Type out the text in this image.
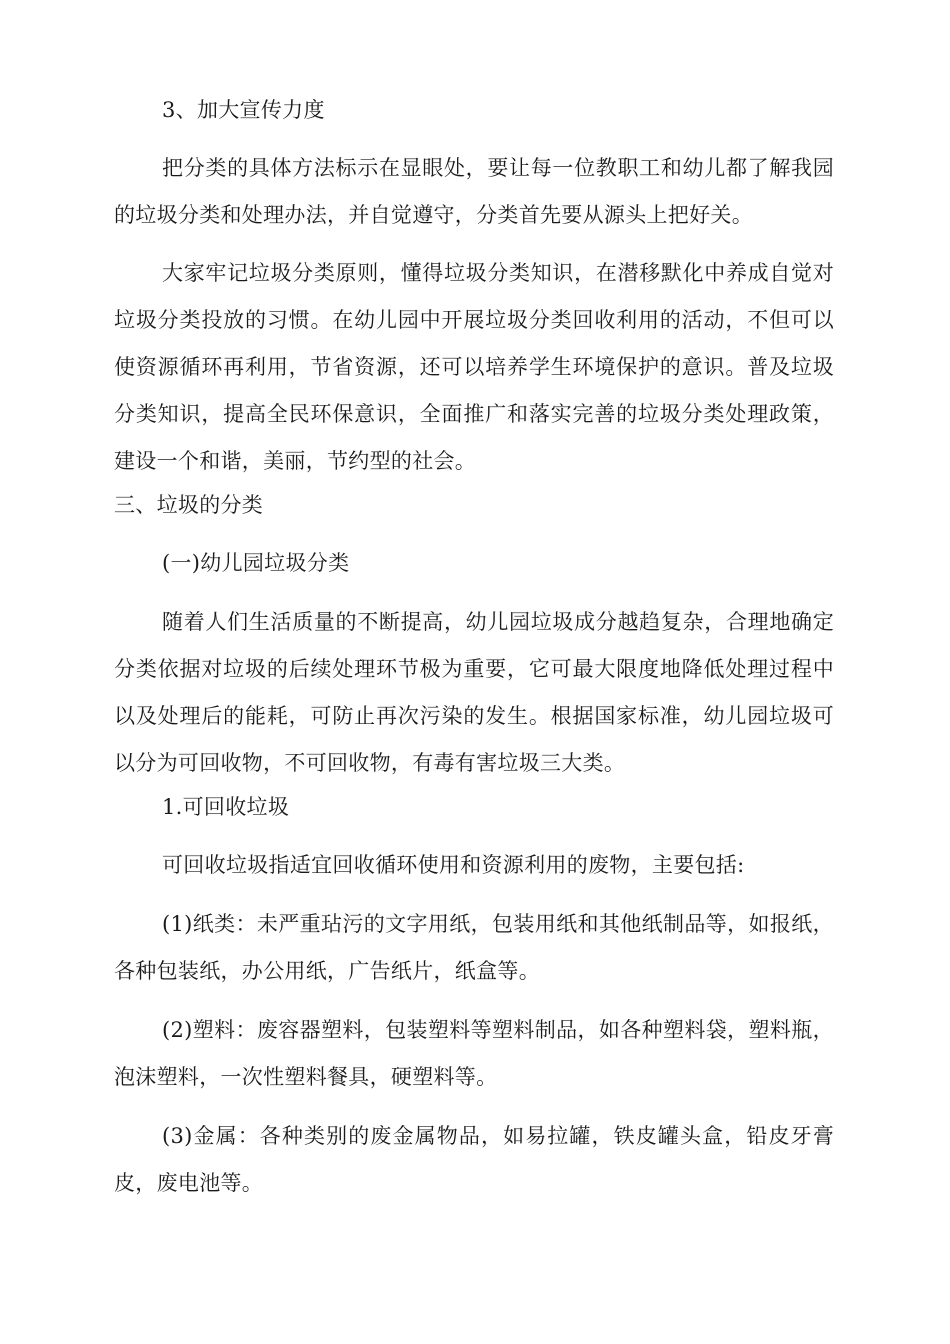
3、加大宣传力度

把分类的具体方法标示在显眼处，要让每一位教职工和幼儿都了解我园的垃圾分类和处理办法，并自觉遵守，分类首先要从源头上把好关。

大家牢记垃圾分类原则，懂得垃圾分类知识，在潜移默化中养成自觉对垃圾分类投放的习惯。在幼儿园中开展垃圾分类回收利用的活动，不但可以使资源循环再利用，节省资源，还可以培养学生环境保护的意识。普及垃圾分类知识，提高全民环保意识，全面推广和落实完善的垃圾分类处理政策，建设一个和谐，美丽，节约型的社会。

三、垃圾的分类

(一)幼儿园垃圾分类

随着人们生活质量的不断提高，幼儿园垃圾成分越趋复杂，合理地确定分类依据对垃圾的后续处理环节极为重要，它可最大限度地降低处理过程中以及处理后的能耗，可防止再次污染的发生。根据国家标准，幼儿园垃圾可以分为可回收物，不可回收物，有毒有害垃圾三大类。

1.可回收垃圾

可回收垃圾指适宜回收循环使用和资源利用的废物，主要包括:

(1)纸类：未严重玷污的文字用纸，包装用纸和其他纸制品等，如报纸，各种包装纸，办公用纸，广告纸片，纸盒等。

(2)塑料：废容器塑料，包装塑料等塑料制品，如各种塑料袋，塑料瓶，泡沫塑料，一次性塑料餐具，硬塑料等。

(3)金属：各种类别的废金属物品，如易拉罐，铁皮罐头盒，铅皮牙膏皮，废电池等。
